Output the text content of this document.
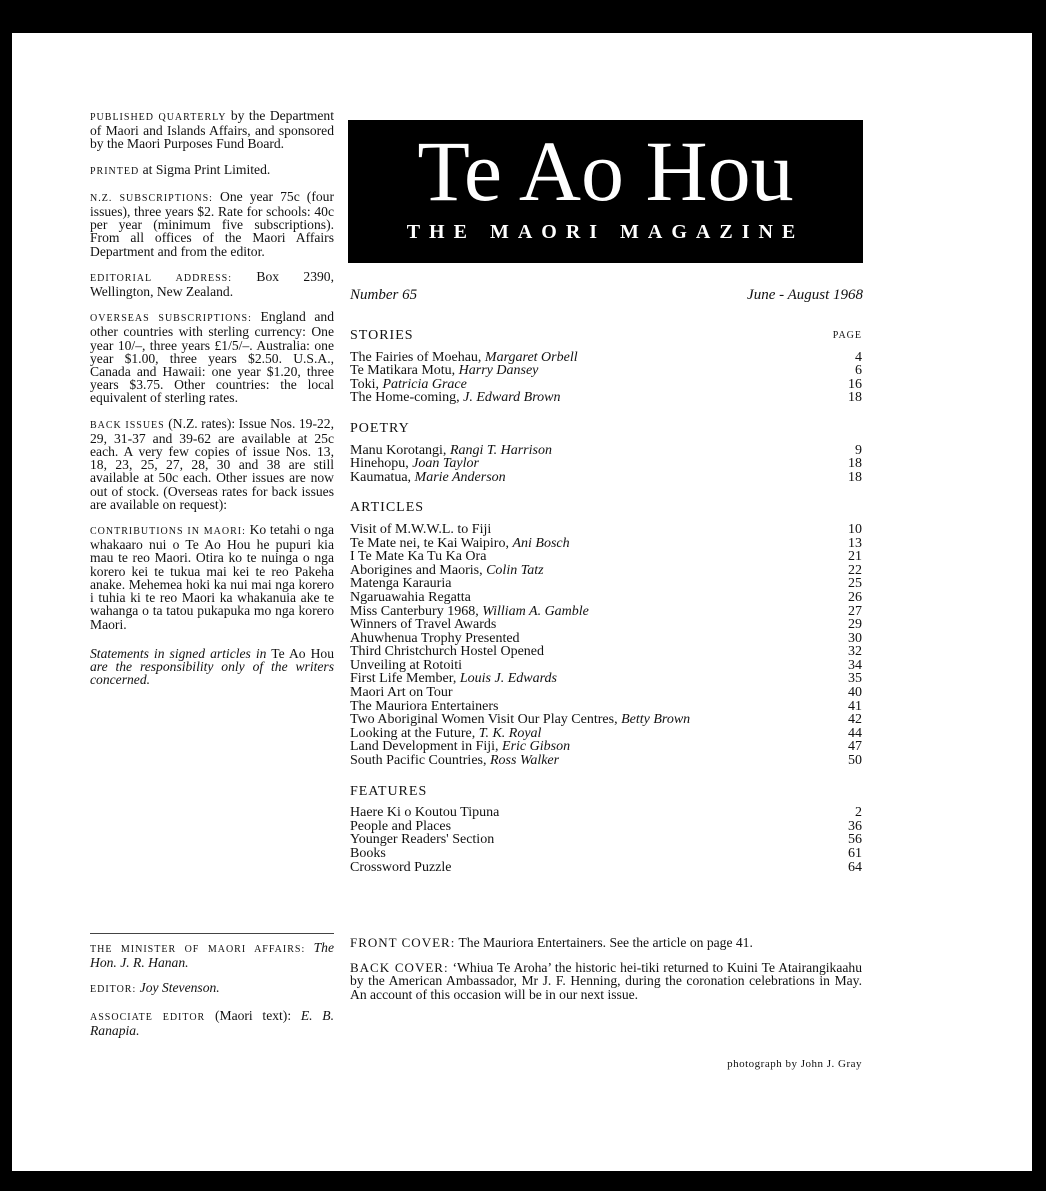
PUBLISHED QUARTERLY by the Department of Maori and Islands Affairs, and sponsored by the Maori Purposes Fund Board.

PRINTED at Sigma Print Limited.

N.Z. SUBSCRIPTIONS: One year 75c (four issues), three years $2. Rate for schools: 40c per year (minimum five subscriptions). From all offices of the Maori Affairs Department and from the editor.

EDITORIAL ADDRESS: Box 2390, Wellington, New Zealand.

OVERSEAS SUBSCRIPTIONS: England and other countries with sterling currency: One year 10/–, three years £1/5/–. Australia: one year $1.00, three years $2.50. U.S.A., Canada and Hawaii: one year $1.20, three years $3.75. Other countries: the local equivalent of sterling rates.

BACK ISSUES (N.Z. rates): Issue Nos. 19-22, 29, 31-37 and 39-62 are available at 25c each. A very few copies of issue Nos. 13, 18, 23, 25, 27, 28, 30 and 38 are still available at 50c each. Other issues are now out of stock. (Overseas rates for back issues are available on request):

CONTRIBUTIONS IN MAORI: Ko tetahi o nga whakaaro nui o Te Ao Hou he pupuri kia mau te reo Maori. Otira ko te nuinga o nga korero kei te tukua mai kei te reo Pakeha anake. Mehemea hoki ka nui mai nga korero i tuhia ki te reo Maori ka whakanuia ake te wahanga o ta tatou pukapuka mo nga korero Maori.

Statements in signed articles in Te Ao Hou are the responsibility only of the writers concerned.

THE MINISTER OF MAORI AFFAIRS: The Hon. J. R. Hanan.

EDITOR: Joy Stevenson.

ASSOCIATE EDITOR (Maori text): E. B. Ranapia.

Te Ao Hou
THE MAORI MAGAZINE
Number 65	June - August 1968
STORIES	PAGE
The Fairies of Moehau, Margaret Orbell	4
Te Matikara Motu, Harry Dansey	6
Toki, Patricia Grace	16
The Home-coming, J. Edward Brown	18
POETRY
Manu Korotangi, Rangi T. Harrison	9
Hinehopu, Joan Taylor	18
Kaumatua, Marie Anderson	18
ARTICLES
Visit of M.W.W.L. to Fiji	10
Te Mate nei, te Kai Waipiro, Ani Bosch	13
I Te Mate Ka Tu Ka Ora	21
Aborigines and Maoris, Colin Tatz	22
Matenga Karauria	25
Ngaruawahia Regatta	26
Miss Canterbury 1968, William A. Gamble	27
Winners of Travel Awards	29
Ahuwhenua Trophy Presented	30
Third Christchurch Hostel Opened	32
Unveiling at Rotoiti	34
First Life Member, Louis J. Edwards	35
Maori Art on Tour	40
The Mauriora Entertainers	41
Two Aboriginal Women Visit Our Play Centres, Betty Brown	42
Looking at the Future, T. K. Royal	44
Land Development in Fiji, Eric Gibson	47
South Pacific Countries, Ross Walker	50
FEATURES
Haere Ki o Koutou Tipuna	2
People and Places	36
Younger Readers' Section	56
Books	61
Crossword Puzzle	64

FRONT COVER: The Mauriora Entertainers. See the article on page 41.

BACK COVER: ‘Whiua Te Aroha’ the historic hei-tiki returned to Kuini Te Atairangikaahu by the American Ambassador, Mr J. F. Henning, during the coronation celebrations in May. An account of this occasion will be in our next issue.

photograph by John J. Gray
